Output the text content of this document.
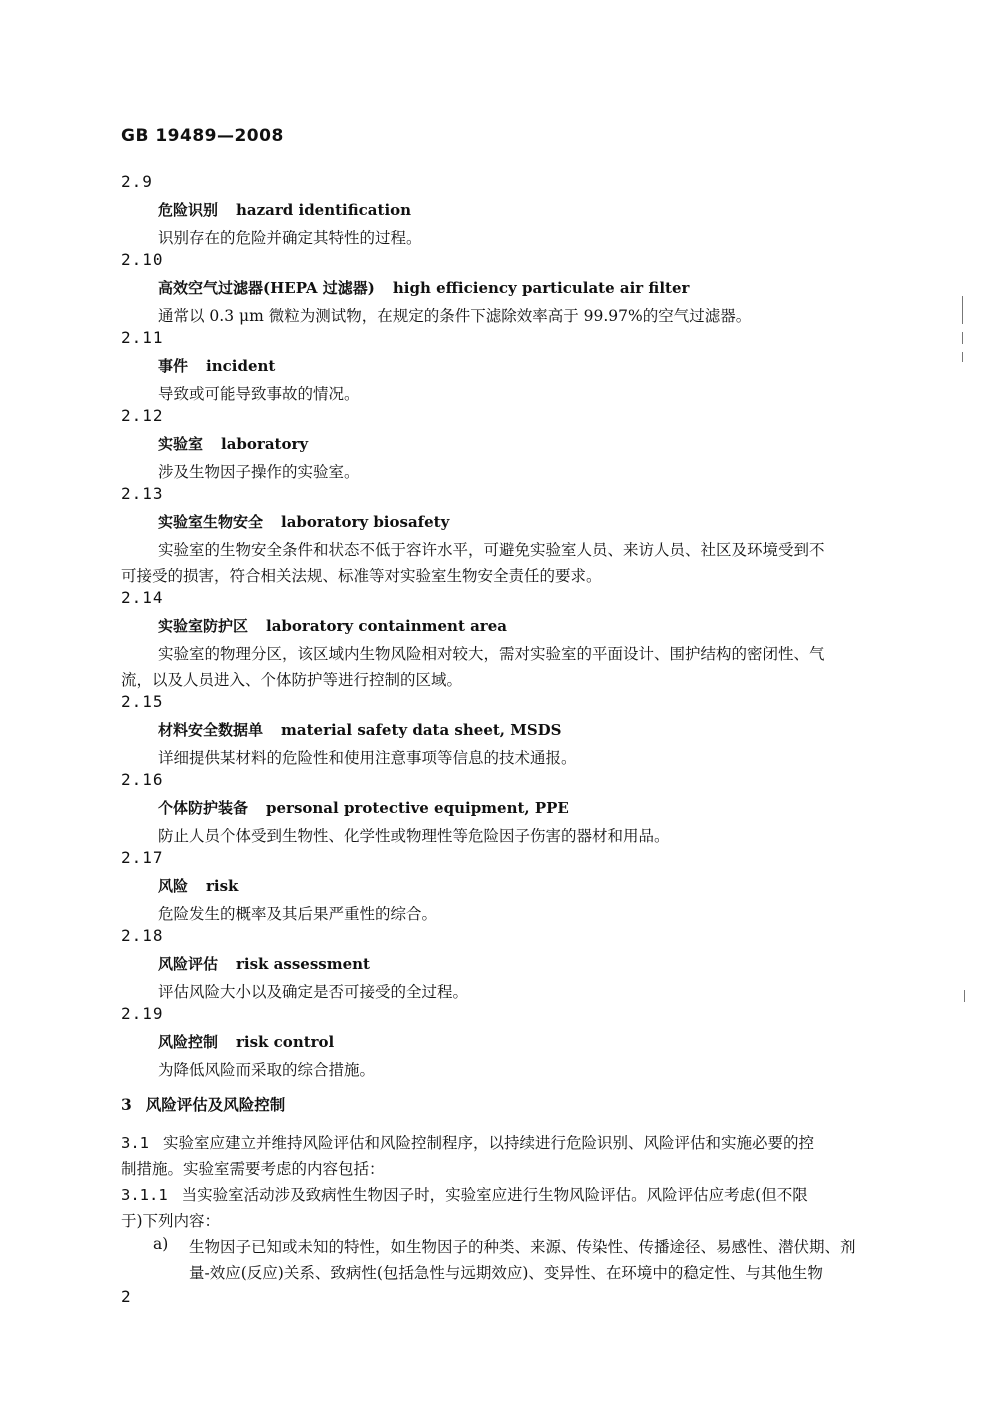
GB 19489—2008
2.9
危险识别 hazard identification
识别存在的危险并确定其特性的过程。
2.10
高效空气过滤器(HEPA 过滤器) high efficiency particulate air filter
通常以 0.3 μm 微粒为测试物，在规定的条件下滤除效率高于 99.97%的空气过滤器。
2.11
事件 incident
导致或可能导致事故的情况。
2.12
实验室 laboratory
涉及生物因子操作的实验室。
2.13
实验室生物安全 laboratory biosafety
实验室的生物安全条件和状态不低于容许水平，可避免实验室人员、来访人员、社区及环境受到不
可接受的损害，符合相关法规、标准等对实验室生物安全责任的要求。
2.14
实验室防护区 laboratory containment area
实验室的物理分区，该区域内生物风险相对较大，需对实验室的平面设计、围护结构的密闭性、气
流，以及人员进入、个体防护等进行控制的区域。
2.15
材料安全数据单 material safety data sheet, MSDS
详细提供某材料的危险性和使用注意事项等信息的技术通报。
2.16
个体防护装备 personal protective equipment, PPE
防止人员个体受到生物性、化学性或物理性等危险因子伤害的器材和用品。
2.17
风险 risk
危险发生的概率及其后果严重性的综合。
2.18
风险评估 risk assessment
评估风险大小以及确定是否可接受的全过程。
2.19
风险控制 risk control
为降低风险而采取的综合措施。
3 风险评估及风险控制
3.1 实验室应建立并维持风险评估和风险控制程序，以持续进行危险识别、风险评估和实施必要的控
制措施。实验室需要考虑的内容包括：
3.1.1 当实验室活动涉及致病性生物因子时，实验室应进行生物风险评估。风险评估应考虑(但不限
于)下列内容：
a) 生物因子已知或未知的特性，如生物因子的种类、来源、传染性、传播途径、易感性、潜伏期、剂
量-效应(反应)关系、致病性(包括急性与远期效应)、变异性、在环境中的稳定性、与其他生物
2
